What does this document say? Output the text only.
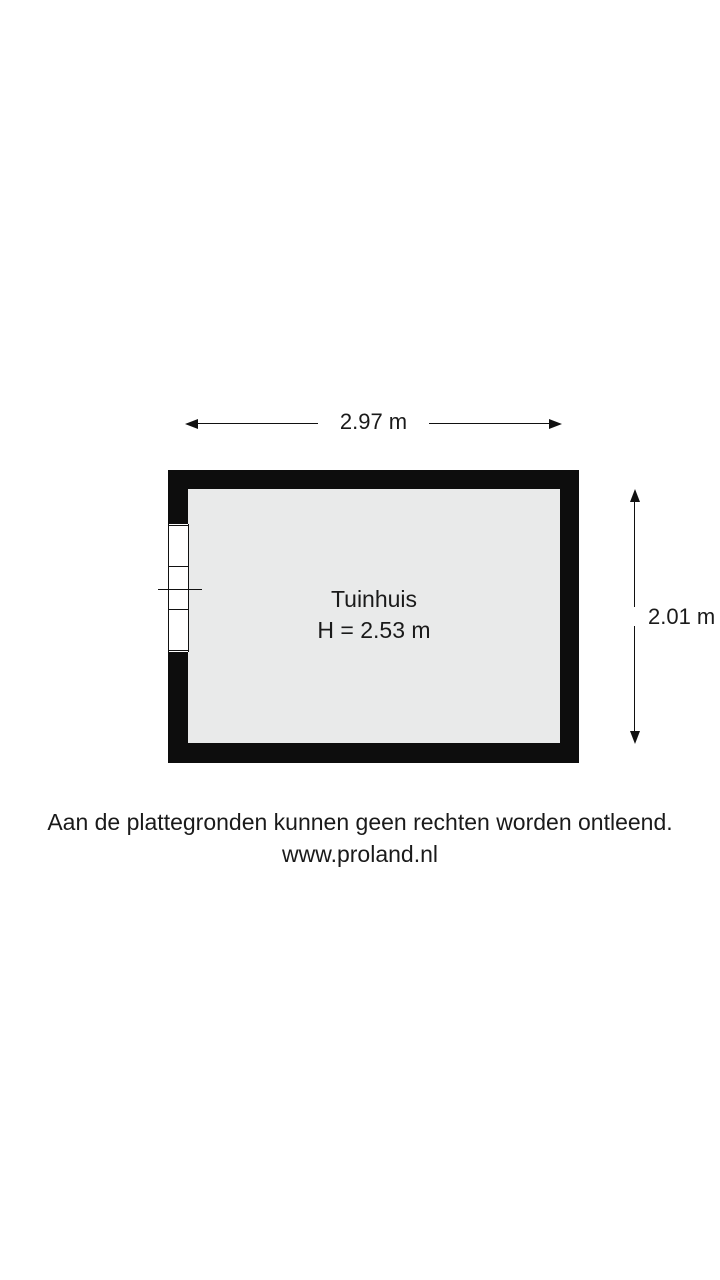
2.97 m
2.01 m
Tuinhuis
H = 2.53 m
Aan de plattegronden kunnen geen rechten worden ontleend.
www.proland.nl
